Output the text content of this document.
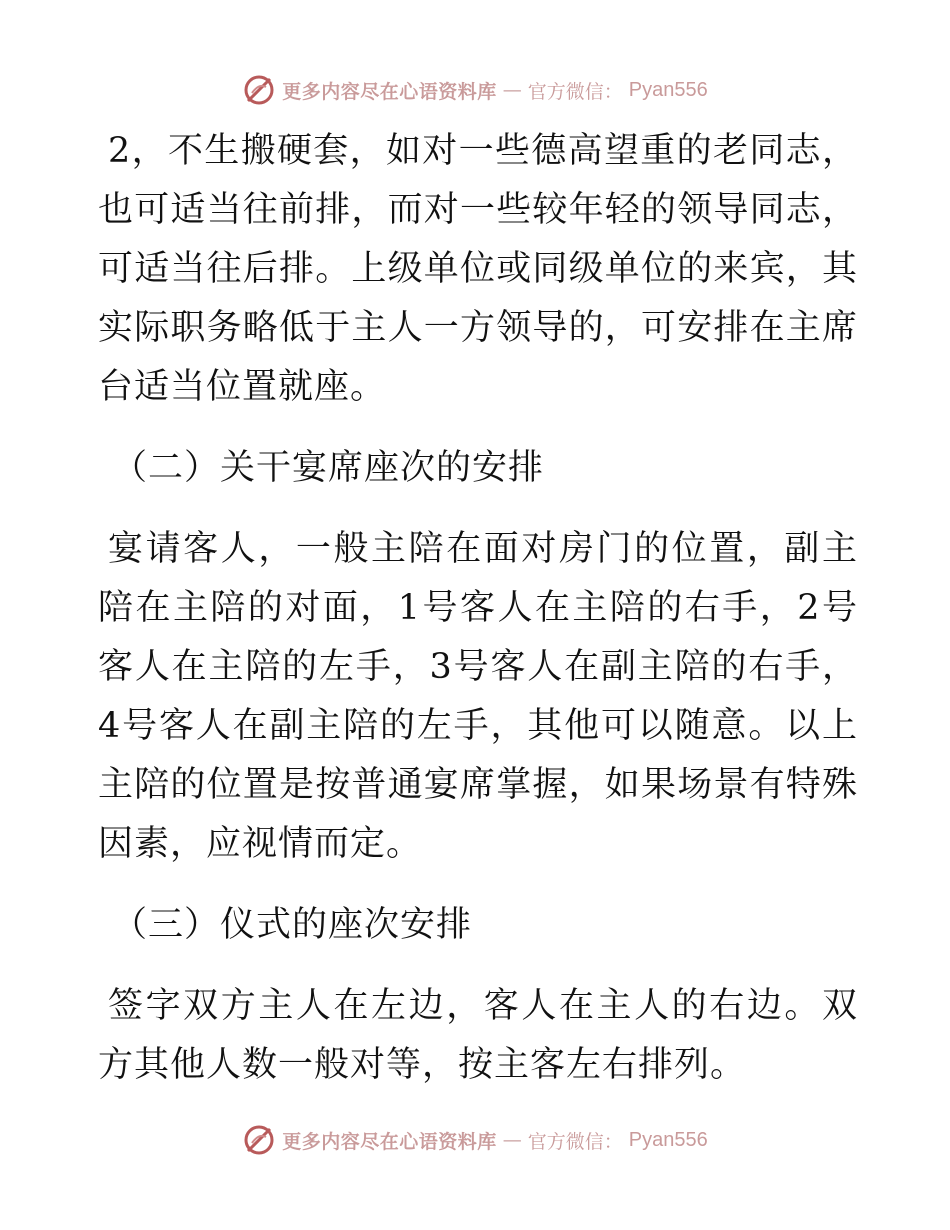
更多内容尽在心语资料库 — 官方微信： Pyan556

2，不生搬硬套，如对一些德高望重的老同志，也可适当往前排，而对一些较年轻的领导同志，可适当往后排。上级单位或同级单位的来宾，其实际职务略低于主人一方领导的，可安排在主席台适当位置就座。

（二）关干宴席座次的安排

宴请客人，一般主陪在面对房门的位置，副主陪在主陪的对面，1号客人在主陪的右手，2号客人在主陪的左手，3号客人在副主陪的右手，4号客人在副主陪的左手，其他可以随意。以上主陪的位置是按普通宴席掌握，如果场景有特殊因素，应视情而定。

（三）仪式的座次安排

签字双方主人在左边，客人在主人的右边。双方其他人数一般对等，按主客左右排列。

更多内容尽在心语资料库 — 官方微信： Pyan556
